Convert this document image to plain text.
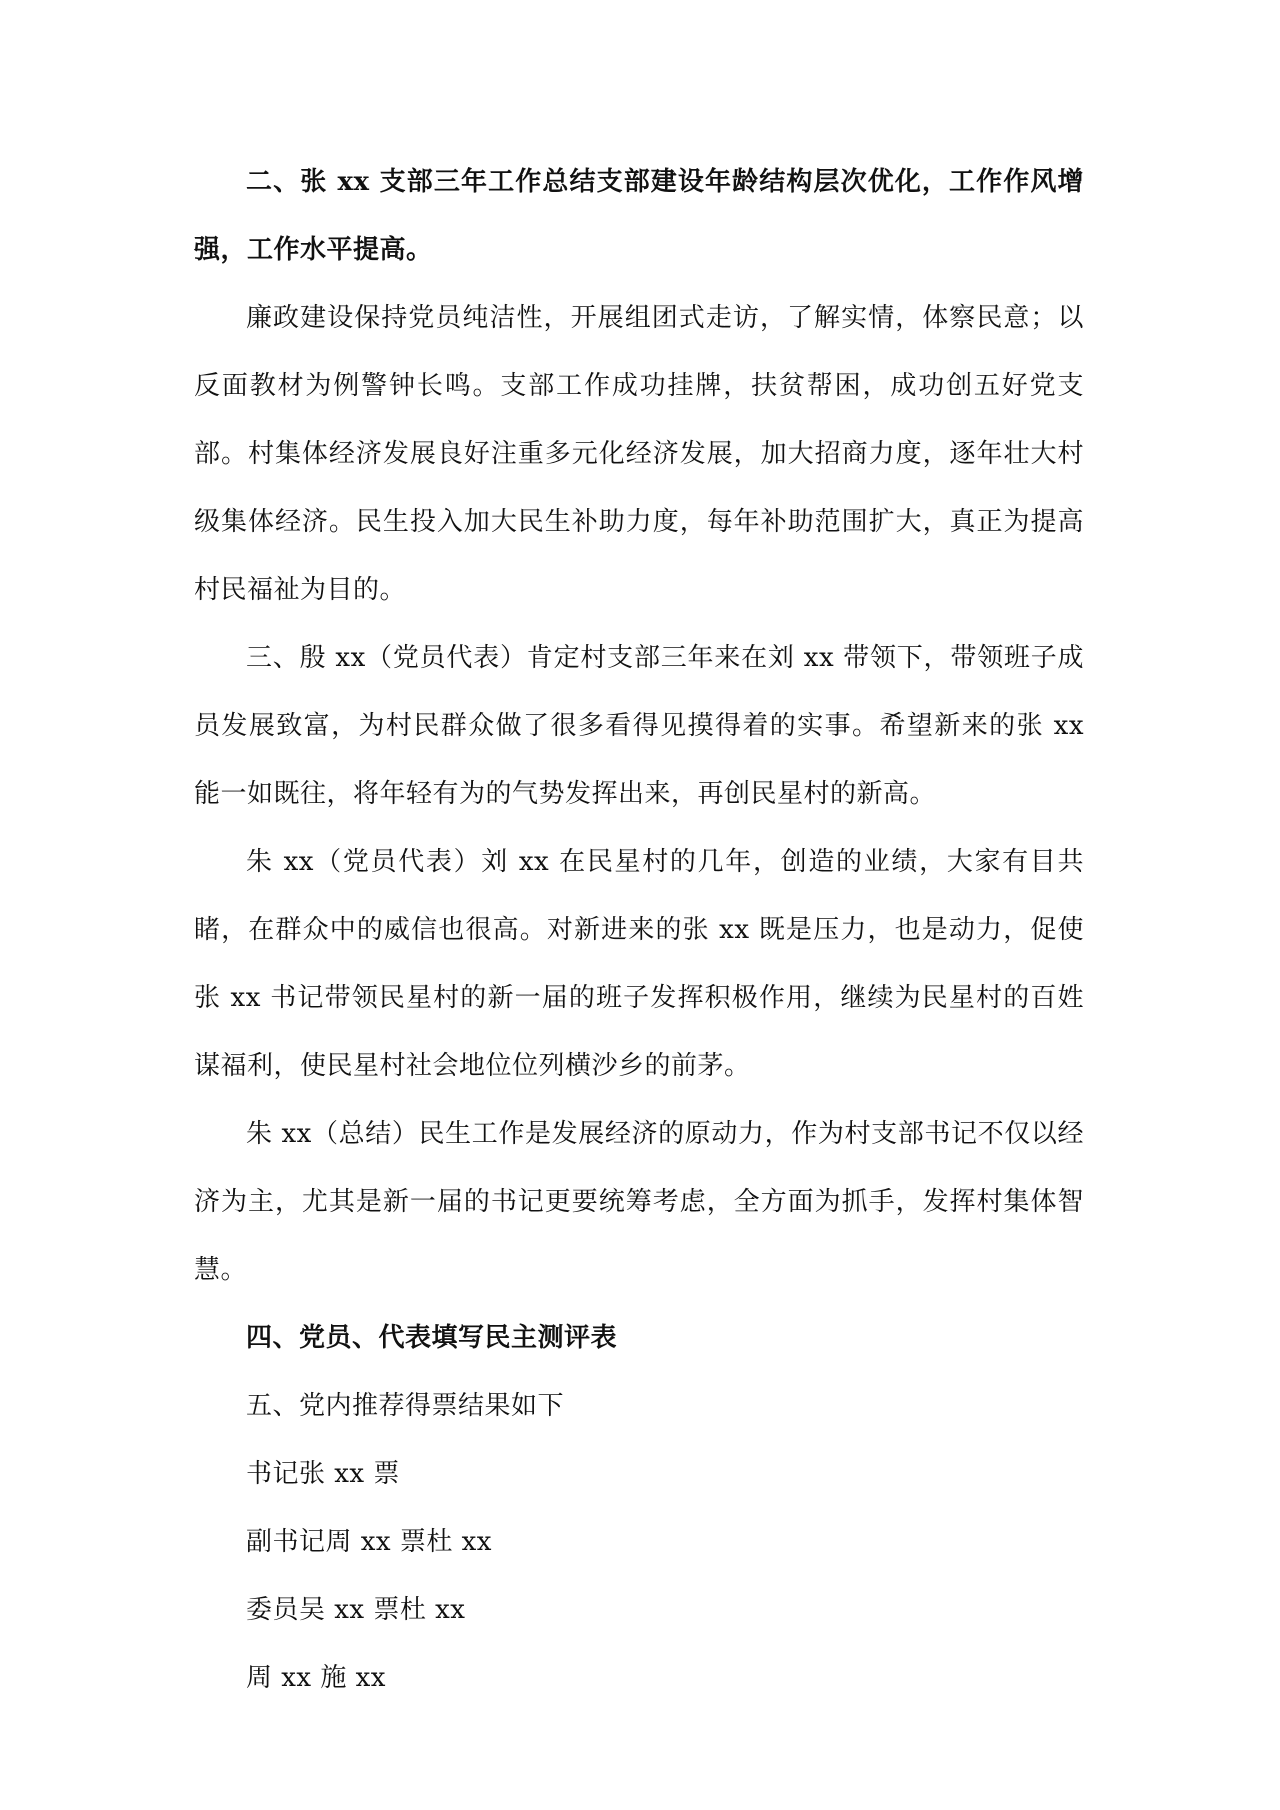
二、张 xx 支部三年工作总结支部建设年龄结构层次优化，工作作风增强，工作水平提高。

廉政建设保持党员纯洁性，开展组团式走访，了解实情，体察民意；以反面教材为例警钟长鸣。支部工作成功挂牌，扶贫帮困，成功创五好党支部。村集体经济发展良好注重多元化经济发展，加大招商力度，逐年壮大村级集体经济。民生投入加大民生补助力度，每年补助范围扩大，真正为提高村民福祉为目的。

三、殷 xx（党员代表）肯定村支部三年来在刘 xx 带领下，带领班子成员发展致富，为村民群众做了很多看得见摸得着的实事。希望新来的张 xx 能一如既往，将年轻有为的气势发挥出来，再创民星村的新高。

朱 xx（党员代表）刘 xx 在民星村的几年，创造的业绩，大家有目共睹，在群众中的威信也很高。对新进来的张 xx 既是压力，也是动力，促使张 xx 书记带领民星村的新一届的班子发挥积极作用，继续为民星村的百姓谋福利，使民星村社会地位位列横沙乡的前茅。

朱 xx（总结）民生工作是发展经济的原动力，作为村支部书记不仅以经济为主，尤其是新一届的书记更要统筹考虑，全方面为抓手，发挥村集体智慧。

四、党员、代表填写民主测评表

五、党内推荐得票结果如下

书记张 xx 票

副书记周 xx 票杜 xx

委员吴 xx 票杜 xx

周 xx 施 xx
